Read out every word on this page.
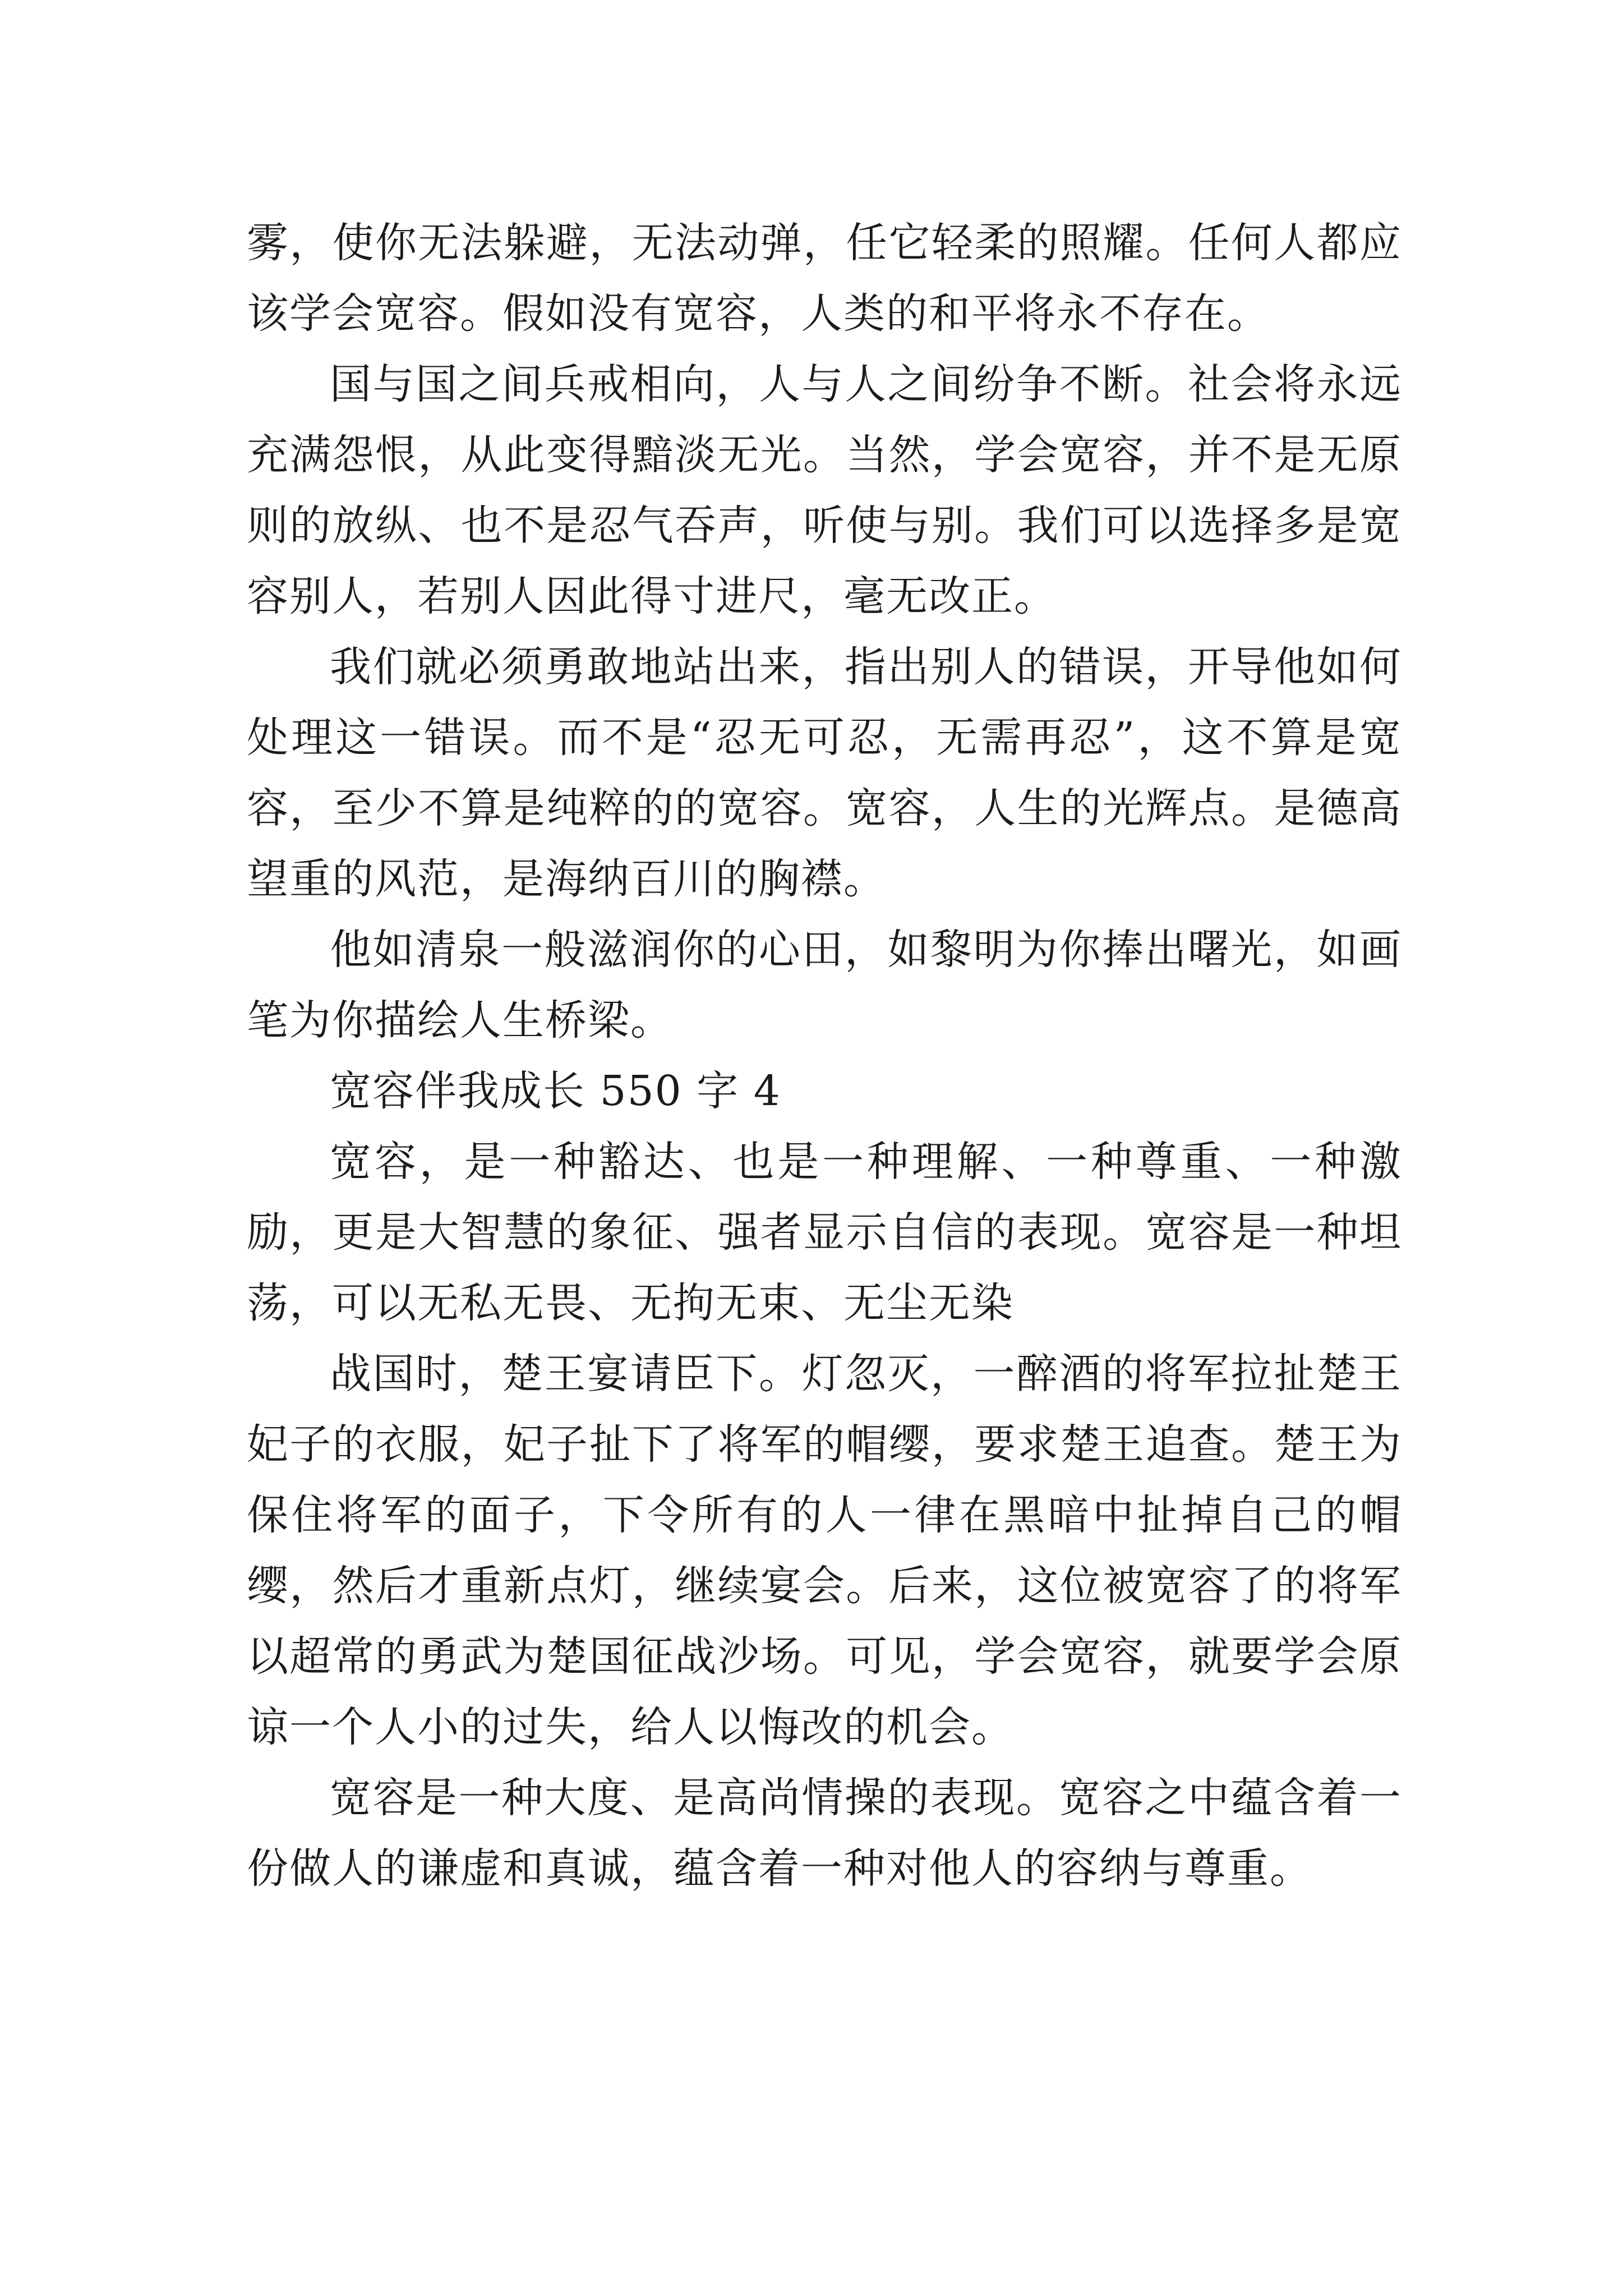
雾，使你无法躲避，无法动弹，任它轻柔的照耀。任何人都应该学会宽容。假如没有宽容，人类的和平将永不存在。

国与国之间兵戒相向，人与人之间纷争不断。社会将永远充满怨恨，从此变得黯淡无光。当然，学会宽容，并不是无原则的放纵、也不是忍气吞声，听使与别。我们可以选择多是宽容别人，若别人因此得寸进尺，毫无改正。

我们就必须勇敢地站出来，指出别人的错误，开导他如何处理这一错误。而不是“忍无可忍，无需再忍”，这不算是宽容，至少不算是纯粹的的宽容。宽容，人生的光辉点。是德高望重的风范，是海纳百川的胸襟。

他如清泉一般滋润你的心田，如黎明为你捧出曙光，如画笔为你描绘人生桥梁。

宽容伴我成长 550 字 4

宽容，是一种豁达、也是一种理解、一种尊重、一种激励，更是大智慧的象征、强者显示自信的表现。宽容是一种坦荡，可以无私无畏、无拘无束、无尘无染

战国时，楚王宴请臣下。灯忽灭，一醉酒的将军拉扯楚王妃子的衣服，妃子扯下了将军的帽缨，要求楚王追查。楚王为保住将军的面子，下令所有的人一律在黑暗中扯掉自己的帽缨，然后才重新点灯，继续宴会。后来，这位被宽容了的将军以超常的勇武为楚国征战沙场。可见，学会宽容，就要学会原谅一个人小的过失，给人以悔改的机会。

宽容是一种大度、是高尚情操的表现。宽容之中蕴含着一份做人的谦虚和真诚，蕴含着一种对他人的容纳与尊重。
